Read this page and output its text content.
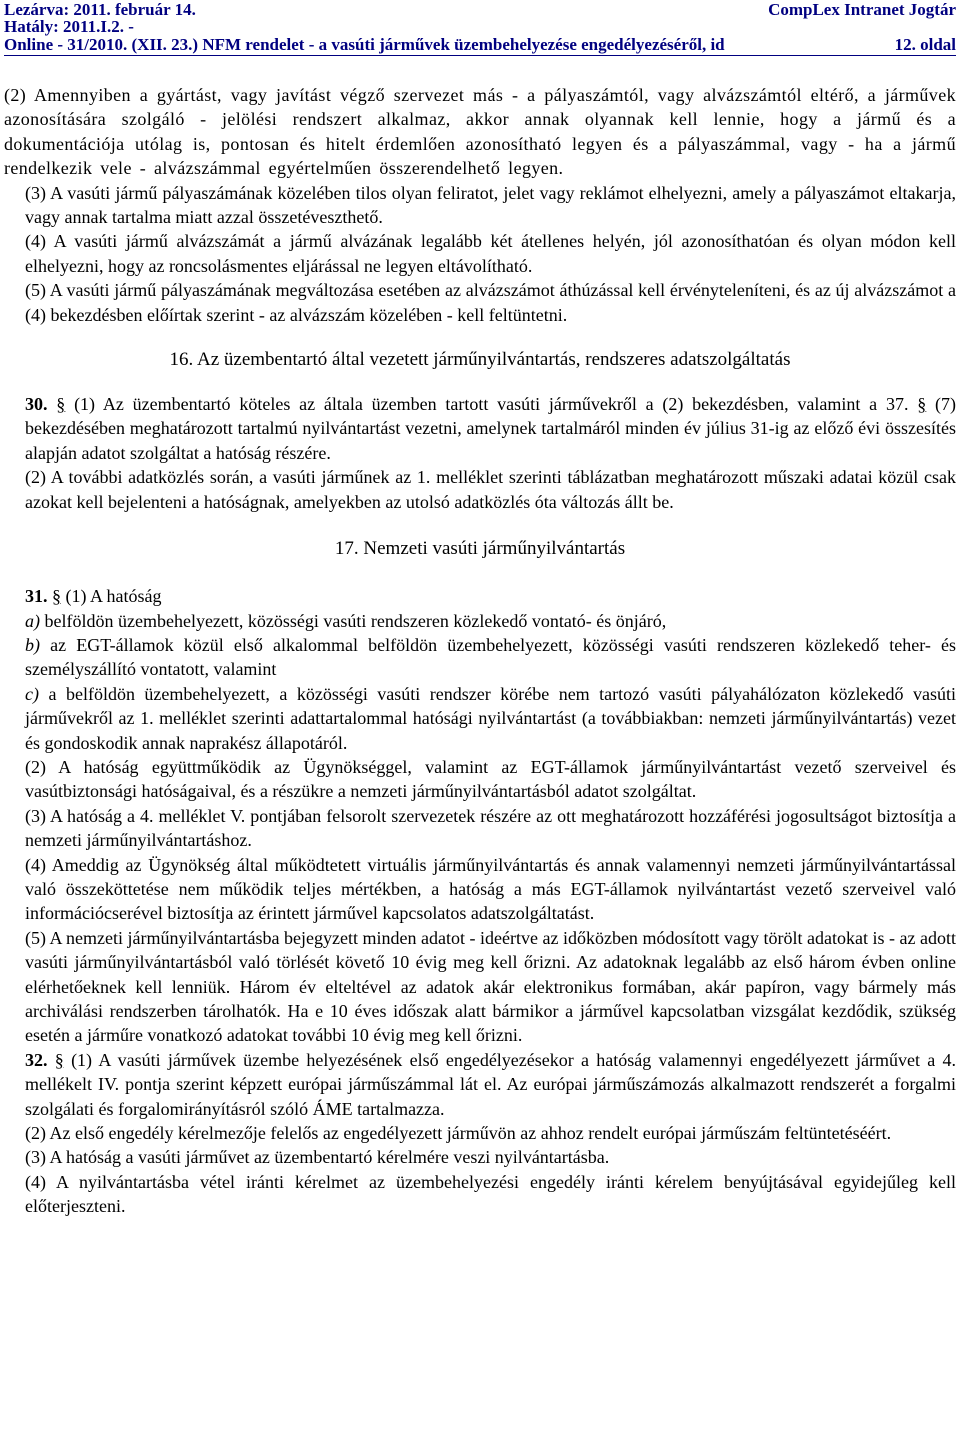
Lezárva: 2011. február 14.
Hatály: 2011.I.2. -
Online - 31/2010. (XII. 23.) NFM rendelet - a vasúti járművek üzembehelyezése engedélyezéséről, id
CompLex Intranet Jogtár
12. oldal

(2) Amennyiben a gyártást, vagy javítást végző szervezet más - a pályaszámtól, vagy alvázszámtól eltérő, a járművek azonosítására szolgáló - jelölési rendszert alkalmaz, akkor annak olyannak kell lennie, hogy a jármű és a dokumentációja utólag is, pontosan és hitelt érdemlően azonosítható legyen és a pályaszámmal, vagy - ha a jármű rendelkezik vele - alvázszámmal egyértelműen összerendelhető legyen.

(3) A vasúti jármű pályaszámának közelében tilos olyan feliratot, jelet vagy reklámot elhelyezni, amely a pályaszámot eltakarja, vagy annak tartalma miatt azzal összetéveszthető.

(4) A vasúti jármű alvázszámát a jármű alvázának legalább két átellenes helyén, jól azonosíthatóan és olyan módon kell elhelyezni, hogy az roncsolásmentes eljárással ne legyen eltávolítható.

(5) A vasúti jármű pályaszámának megváltozása esetében az alvázszámot áthúzással kell érvényteleníteni, és az új alvázszámot a (4) bekezdésben előírtak szerint - az alvázszám közelében - kell feltüntetni.

16. Az üzembentartó által vezetett járműnyilvántartás, rendszeres adatszolgáltatás

30. § (1) Az üzembentartó köteles az általa üzemben tartott vasúti járművekről a (2) bekezdésben, valamint a 37. § (7) bekezdésében meghatározott tartalmú nyilvántartást vezetni, amelynek tartalmáról minden év július 31-ig az előző évi összesítés alapján adatot szolgáltat a hatóság részére.

(2) A további adatközlés során, a vasúti járműnek az 1. melléklet szerinti táblázatban meghatározott műszaki adatai közül csak azokat kell bejelenteni a hatóságnak, amelyekben az utolsó adatközlés óta változás állt be.

17. Nemzeti vasúti járműnyilvántartás

31. § (1) A hatóság

a) belföldön üzembehelyezett, közösségi vasúti rendszeren közlekedő vontató- és önjáró,

b) az EGT-államok közül első alkalommal belföldön üzembehelyezett, közösségi vasúti rendszeren közlekedő teher- és személyszállító vontatott, valamint

c) a belföldön üzembehelyezett, a közösségi vasúti rendszer körébe nem tartozó vasúti pályahálózaton közlekedő vasúti járművekről az 1. melléklet szerinti adattartalommal hatósági nyilvántartást (a továbbiakban: nemzeti járműnyilvántartás) vezet és gondoskodik annak naprakész állapotáról.

(2) A hatóság együttműködik az Ügynökséggel, valamint az EGT-államok járműnyilvántartást vezető szerveivel és vasútbiztonsági hatóságaival, és a részükre a nemzeti járműnyilvántartásból adatot szolgáltat.

(3) A hatóság a 4. melléklet V. pontjában felsorolt szervezetek részére az ott meghatározott hozzáférési jogosultságot biztosítja a nemzeti járműnyilvántartáshoz.

(4) Ameddig az Ügynökség által működtetett virtuális járműnyilvántartás és annak valamennyi nemzeti járműnyilvántartással való összeköttetése nem működik teljes mértékben, a hatóság a más EGT-államok nyilvántartást vezető szerveivel való információcserével biztosítja az érintett járművel kapcsolatos adatszolgáltatást.

(5) A nemzeti járműnyilvántartásba bejegyzett minden adatot - ideértve az időközben módosított vagy törölt adatokat is - az adott vasúti járműnyilvántartásból való törlését követő 10 évig meg kell őrizni. Az adatoknak legalább az első három évben online elérhetőeknek kell lenniük. Három év elteltével az adatok akár elektronikus formában, akár papíron, vagy bármely más archiválási rendszerben tárolhatók. Ha e 10 éves időszak alatt bármikor a járművel kapcsolatban vizsgálat kezdődik, szükség esetén a járműre vonatkozó adatokat további 10 évig meg kell őrizni.

32. § (1) A vasúti járművek üzembe helyezésének első engedélyezésekor a hatóság valamennyi engedélyezett járművet a 4. mellékelt IV. pontja szerint képzett európai járműszámmal lát el. Az európai járműszámozás alkalmazott rendszerét a forgalmi szolgálati és forgalomirányításról szóló ÁME tartalmazza.

(2) Az első engedély kérelmezője felelős az engedélyezett járművön az ahhoz rendelt európai járműszám feltüntetéséért.

(3) A hatóság a vasúti járművet az üzembentartó kérelmére veszi nyilvántartásba.

(4) A nyilvántartásba vétel iránti kérelmet az üzembehelyezési engedély iránti kérelem benyújtásával egyidejűleg kell előterjeszteni.
